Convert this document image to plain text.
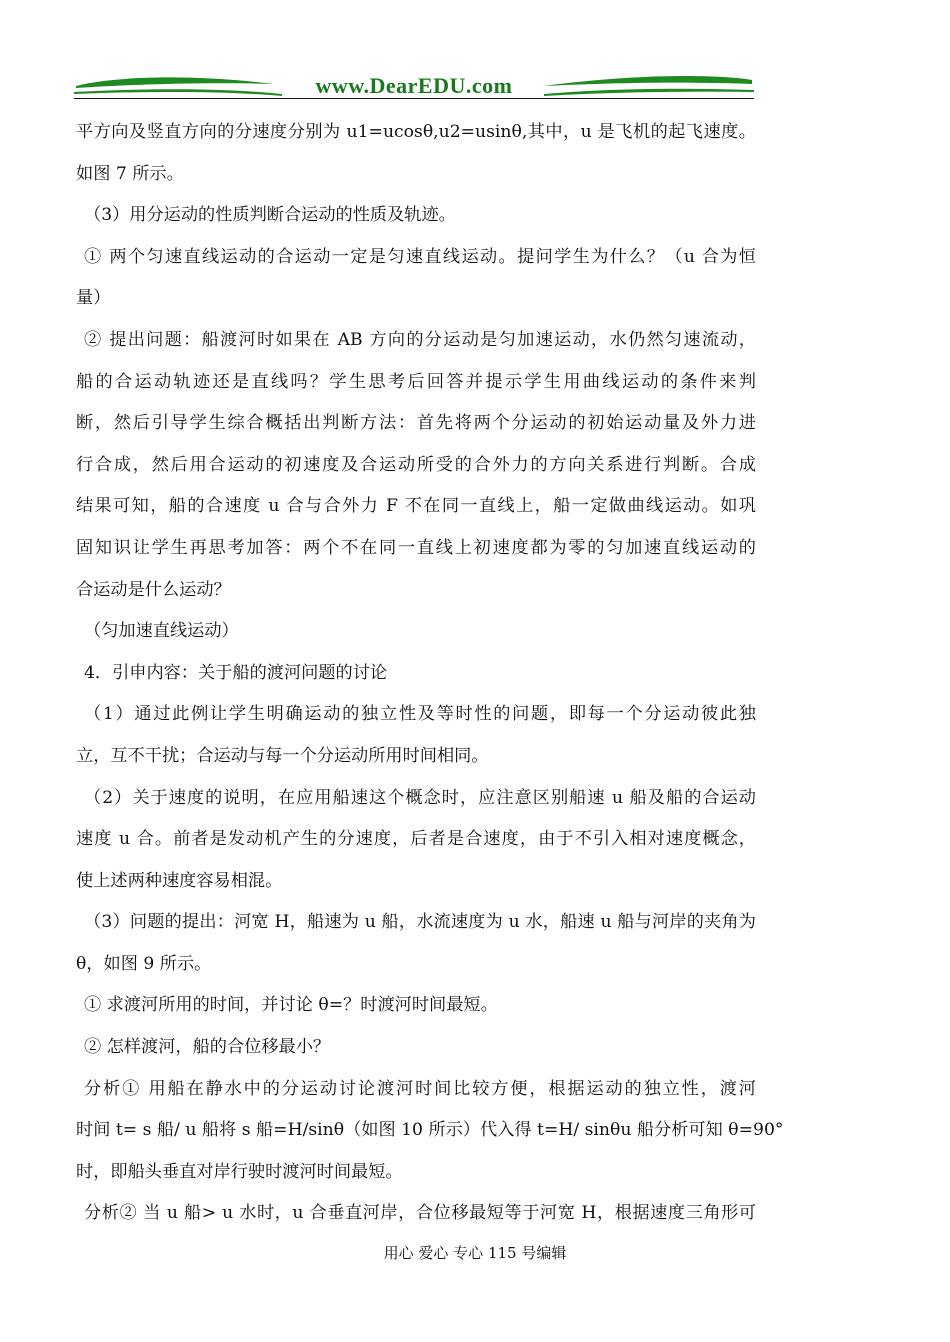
www.DearEDU.com
平方向及竖直方向的分速度分别为 u1=ucosθ,u2=usinθ,其中，u 是飞机的起飞速度。
如图 7 所示。
（3）用分运动的性质判断合运动的性质及轨迹。
① 两个匀速直线运动的合运动一定是匀速直线运动。提问学生为什么？（u 合为恒
量）
② 提出问题：船渡河时如果在 AB 方向的分运动是匀加速运动，水仍然匀速流动，
船的合运动轨迹还是直线吗？学生思考后回答并提示学生用曲线运动的条件来判
断，然后引导学生综合概括出判断方法：首先将两个分运动的初始运动量及外力进
行合成，然后用合运动的初速度及合运动所受的合外力的方向关系进行判断。合成
结果可知，船的合速度 u 合与合外力 F 不在同一直线上，船一定做曲线运动。如巩
固知识让学生再思考加答：两个不在同一直线上初速度都为零的匀加速直线运动的
合运动是什么运动？
（匀加速直线运动）
4．引申内容：关于船的渡河问题的讨论
（1）通过此例让学生明确运动的独立性及等时性的问题，即每一个分运动彼此独
立，互不干扰；合运动与每一个分运动所用时间相同。
（2）关于速度的说明，在应用船速这个概念时，应注意区别船速 u 船及船的合运动
速度 u 合。前者是发动机产生的分速度，后者是合速度，由于不引入相对速度概念，
使上述两种速度容易相混。
（3）问题的提出：河宽 H，船速为 u 船，水流速度为 u 水，船速 u 船与河岸的夹角为
θ，如图 9 所示。
① 求渡河所用的时间，并讨论 θ=？时渡河时间最短。
② 怎样渡河，船的合位移最小？
分析① 用船在静水中的分运动讨论渡河时间比较方便，根据运动的独立性，渡河
时间 t= s 船/ u 船将 s 船=H/sinθ（如图 10 所示）代入得 t=H/ sinθu 船分析可知 θ=90°
时，即船头垂直对岸行驶时渡河时间最短。
分析② 当 u 船> u 水时，u 合垂直河岸，合位移最短等于河宽 H，根据速度三角形可
用心 爱心 专心 115 号编辑
